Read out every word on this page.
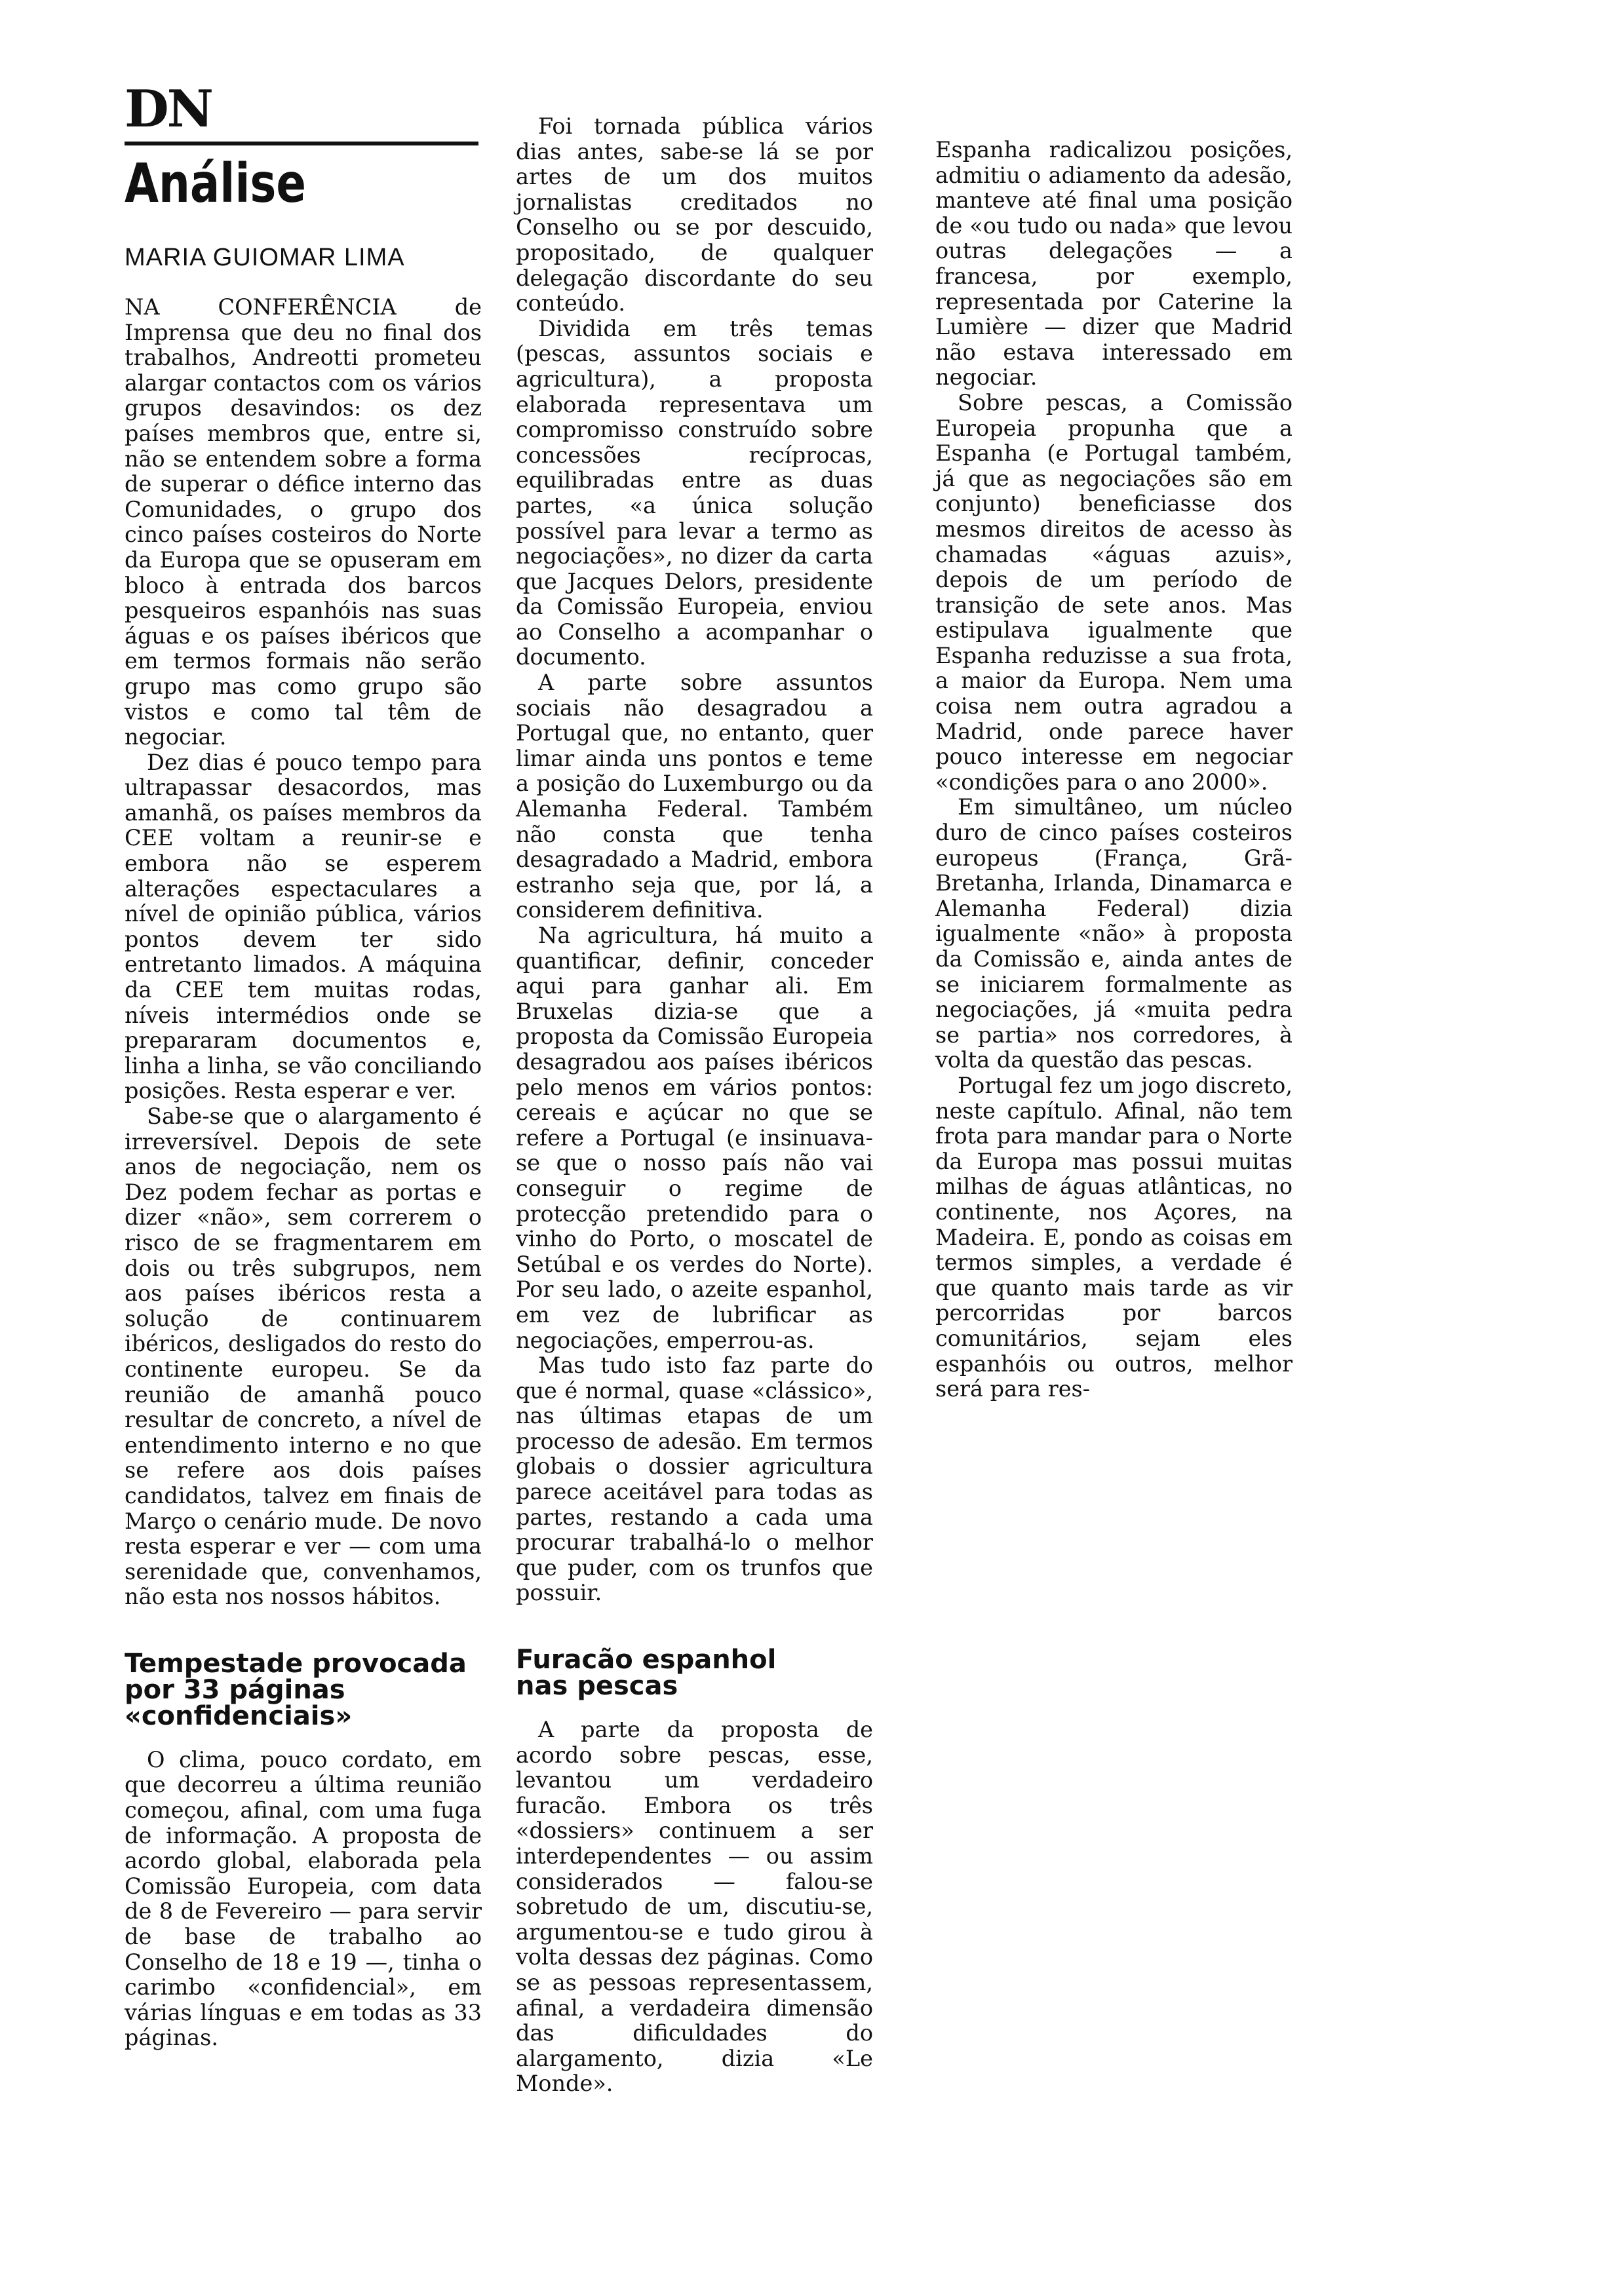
DN
Análise
MARIA GUIOMAR LIMA

NA CONFERÊNCIA de Imprensa que deu no final dos trabalhos, Andreotti prometeu alargar contactos com os vários grupos desavindos: os dez países membros que, entre si, não se entendem sobre a forma de superar o défice interno das Comunidades, o grupo dos cinco países costeiros do Norte da Europa que se opuseram em bloco à entrada dos barcos pesqueiros espanhóis nas suas águas e os países ibéricos que em termos formais não serão grupo mas como grupo são vistos e como tal têm de negociar.

Dez dias é pouco tempo para ultrapassar desacordos, mas amanhã, os países membros da CEE voltam a reunir-se e embora não se esperem alterações espectaculares a nível de opinião pública, vários pontos devem ter sido entretanto limados. A máquina da CEE tem muitas rodas, níveis intermédios onde se prepararam documentos e, linha a linha, se vão conciliando posições. Resta esperar e ver.

Sabe-se que o alargamento é irreversível. Depois de sete anos de negociação, nem os Dez podem fechar as portas e dizer «não», sem correrem o risco de se fragmentarem em dois ou três subgrupos, nem aos países ibéricos resta a solução de continuarem ibéricos, desligados do resto do continente europeu. Se da reunião de amanhã pouco resultar de concreto, a nível de entendimento interno e no que se refere aos dois países candidatos, talvez em finais de Março o cenário mude. De novo resta esperar e ver — com uma serenidade que, convenhamos, não esta nos nossos hábitos.

Tempestade provocada
por 33 páginas
«confidenciais»

O clima, pouco cordato, em que decorreu a última reunião começou, afinal, com uma fuga de informação. A proposta de acordo global, elaborada pela Comissão Europeia, com data de 8 de Fevereiro — para servir de base de trabalho ao Conselho de 18 e 19 —, tinha o carimbo «confidencial», em várias línguas e em todas as 33 páginas.

Foi tornada pública vários dias antes, sabe-se lá se por artes de um dos muitos jornalistas creditados no Conselho ou se por descuido, propositado, de qualquer delegação discordante do seu conteúdo.

Dividida em três temas (pescas, assuntos sociais e agricultura), a proposta elaborada representava um compromisso construído sobre concessões recíprocas, equilibradas entre as duas partes, «a única solução possível para levar a termo as negociações», no dizer da carta que Jacques Delors, presidente da Comissão Europeia, enviou ao Conselho a acompanhar o documento.

A parte sobre assuntos sociais não desagradou a Portugal que, no entanto, quer limar ainda uns pontos e teme a posição do Luxemburgo ou da Alemanha Federal. Também não consta que tenha desagradado a Madrid, embora estranho seja que, por lá, a considerem definitiva.

Na agricultura, há muito a quantificar, definir, conceder aqui para ganhar ali. Em Bruxelas dizia-se que a proposta da Comissão Europeia desagradou aos países ibéricos pelo menos em vários pontos: cereais e açúcar no que se refere a Portugal (e insinuava-se que o nosso país não vai conseguir o regime de protecção pretendido para o vinho do Porto, o moscatel de Setúbal e os verdes do Norte). Por seu lado, o azeite espanhol, em vez de lubrificar as negociações, emperrou-as.

Mas tudo isto faz parte do que é normal, quase «clássico», nas últimas etapas de um processo de adesão. Em termos globais o dossier agricultura parece aceitável para todas as partes, restando a cada uma procurar trabalhá-lo o melhor que puder, com os trunfos que possuir.

Furacão espanhol
nas pescas

A parte da proposta de acordo sobre pescas, esse, levantou um verdadeiro furacão. Embora os três «dossiers» continuem a ser interdependentes — ou assim considerados — falou-se sobretudo de um, discutiu-se, argumentou-se e tudo girou à volta dessas dez páginas. Como se as pessoas representassem, afinal, a verdadeira dimensão das dificuldades do alargamento, dizia «Le Monde».

Espanha radicalizou posições, admitiu o adiamento da adesão, manteve até final uma posição de «ou tudo ou nada» que levou outras delegações — a francesa, por exemplo, representada por Caterine la Lumière — dizer que Madrid não estava interessado em negociar.

Sobre pescas, a Comissão Europeia propunha que a Espanha (e Portugal também, já que as negociações são em conjunto) beneficiasse dos mesmos direitos de acesso às chamadas «águas azuis», depois de um período de transição de sete anos. Mas estipulava igualmente que Espanha reduzisse a sua frota, a maior da Europa. Nem uma coisa nem outra agradou a Madrid, onde parece haver pouco interesse em negociar «condições para o ano 2000».

Em simultâneo, um núcleo duro de cinco países costeiros europeus (França, Grã-Bretanha, Irlanda, Dinamarca e Alemanha Federal) dizia igualmente «não» à proposta da Comissão e, ainda antes de se iniciarem formalmente as negociações, já «muita pedra se partia» nos corredores, à volta da questão das pescas.

Portugal fez um jogo discreto, neste capítulo. Afinal, não tem frota para mandar para o Norte da Europa mas possui muitas milhas de águas atlânticas, no continente, nos Açores, na Madeira. E, pondo as coisas em termos simples, a verdade é que quanto mais tarde as vir percorridas por barcos comunitários, sejam eles espanhóis ou outros, melhor será para res-
